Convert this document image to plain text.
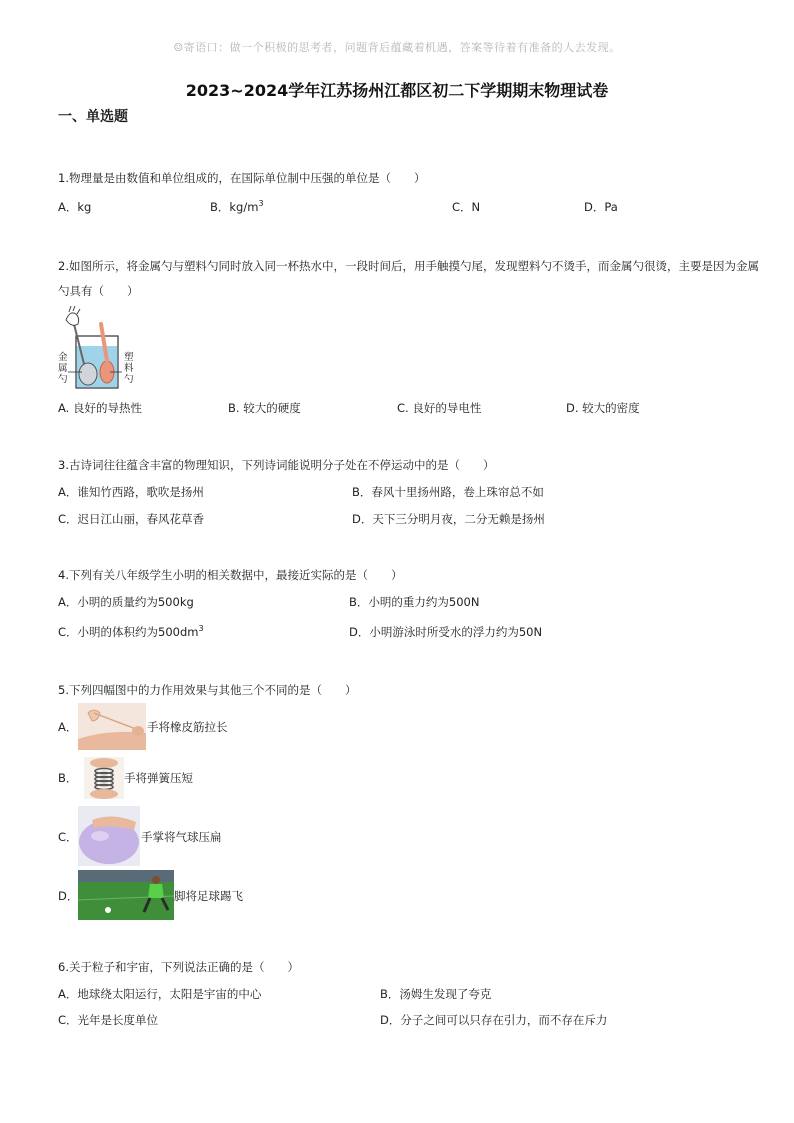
☺寄语口：做一个积极的思考者，问题背后蕴藏着机遇，答案等待着有准备的人去发现。
2023~2024学年江苏扬州江都区初二下学期期末物理试卷
一、单选题
1.物理量是由数值和单位组成的，在国际单位制中压强的单位是（　　）
A．kg	B．$kg/m^3$	C．N	D．Pa
2.如图所示，将金属勺与塑料勺同时放入同一杯热水中，一段时间后，用手触摸勺尾，发现塑料勺不烫手，而金属勺很烫，主要是因为金属
勺具有（　　）
金属勺
塑料勺
A. 良好的导热性	B. 较大的硬度	C. 良好的导电性	D. 较大的密度
3.古诗词往往蕴含丰富的物理知识，下列诗词能说明分子处在不停运动中的是（　　）
A．谁知竹西路，歌吹是扬州	B．春风十里扬州路，卷上珠帘总不如
C．迟日江山丽，春风花草香	D．天下三分明月夜，二分无赖是扬州
4.下列有关八年级学生小明的相关数据中，最接近实际的是（　　）
A．小明的质量约为500kg	B．小明的重力约为500N
C．小明的体积约为$500dm^3$	D．小明游泳时所受水的浮力约为50N
5.下列四幅图中的力作用效果与其他三个不同的是（　　）
A．	手将橡皮筋拉长
B．	手将弹簧压短
C．	手掌将气球压扁
D．	脚将足球踢飞
6.关于粒子和宇宙，下列说法正确的是（　　）
A．地球绕太阳运行，太阳是宇宙的中心	B．汤姆生发现了夸克
C．光年是长度单位	D．分子之间可以只存在引力，而不存在斥力
